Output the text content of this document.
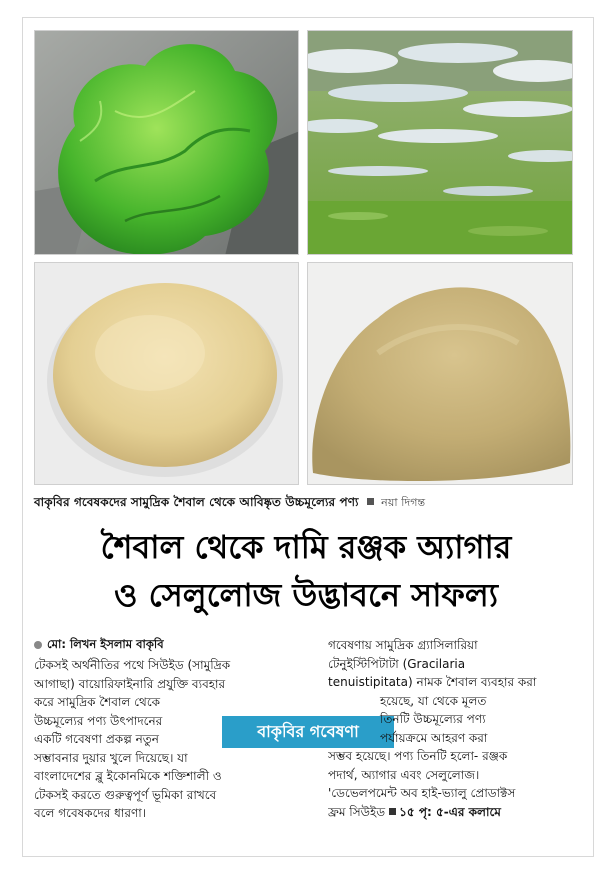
বাকৃবির গবেষকদের সামুদ্রিক শৈবাল থেকে আবিষ্কৃত উচ্চমূল্যের পণ্য নয়া দিগন্ত
শৈবাল থেকে দামি রঞ্জক অ্যাগার
ও সেলুলোজ উদ্ভাবনে সাফল্য
মো: লিখন ইসলাম বাকৃবি
টেকসই অর্থনীতির পথে সিউইড (সামুদ্রিক
আগাছা) বায়োরিফাইনারি প্রযুক্তি ব্যবহার
করে সামুদ্রিক শৈবাল থেকে
উচ্চমূল্যের পণ্য উৎপাদনের
একটি গবেষণা প্রকল্প নতুন
সম্ভাবনার দুয়ার খুলে দিয়েছে। যা
বাংলাদেশের ব্লু ইকোনমিকে শক্তিশালী ও
টেকসই করতে গুরুত্বপূর্ণ ভূমিকা রাখবে
বলে গবেষকদের ধারণা।
বাকৃবির গবেষণা
গবেষণায় সামুদ্রিক গ্র্যাসিলারিয়া
টেনুইস্টিপিটাটা (Gracilaria
tenuistipitata) নামক শৈবাল ব্যবহার করা
হয়েছে, যা থেকে মূলত
তিনটি উচ্চমূল্যের পণ্য
পর্যায়ক্রমে আহরণ করা
সম্ভব হয়েছে। পণ্য তিনটি হলো- রঞ্জক
পদার্থ, অ্যাগার এবং সেলুলোজ।
'ডেভেলপমেন্ট অব হাই-ভ্যালু প্রোডাক্টস
ফ্রম সিউইড ১৫ পৃ: ৫-এর কলামে
